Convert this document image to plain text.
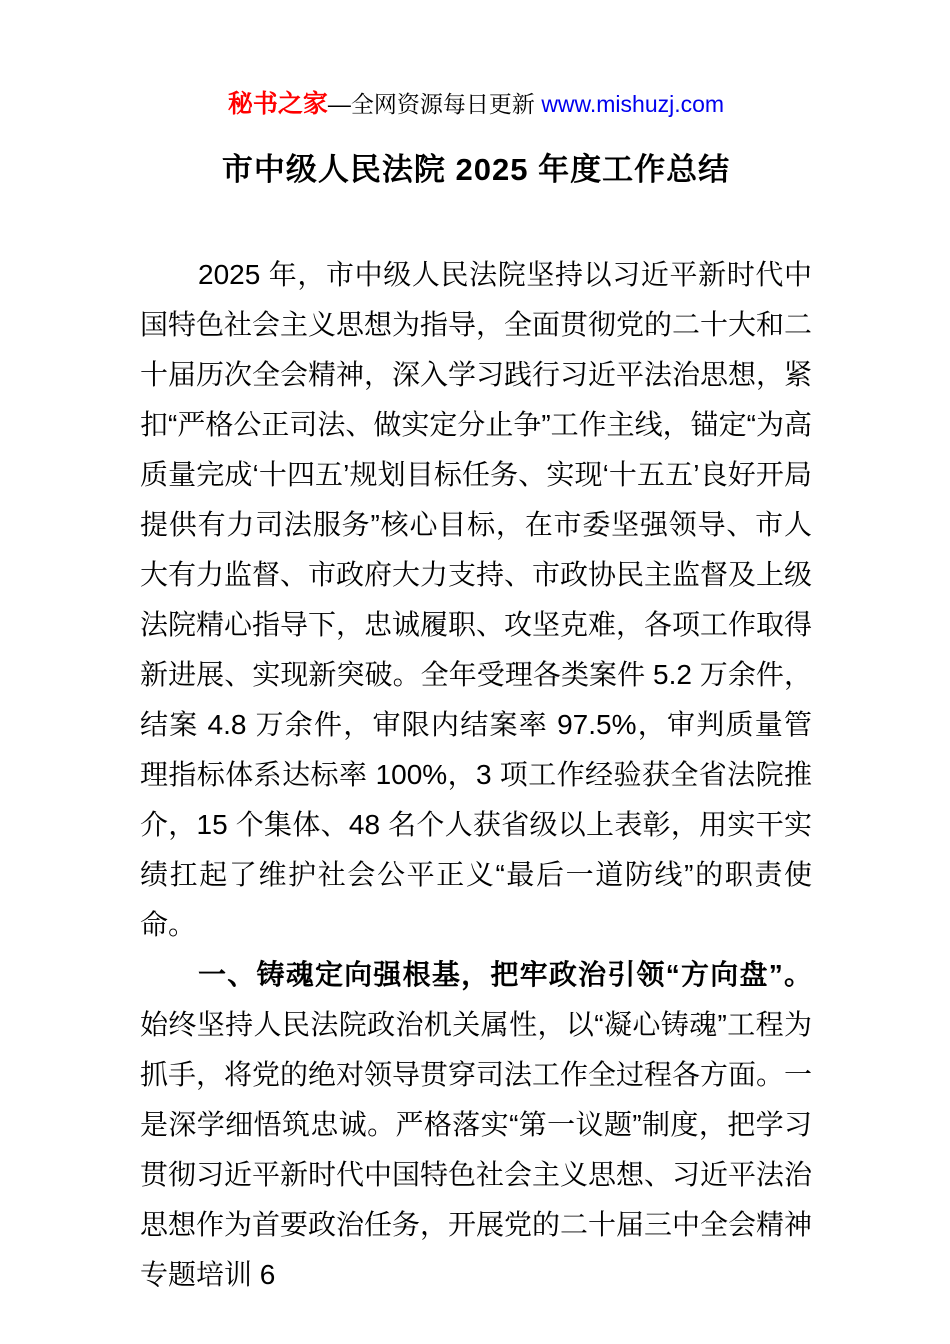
秘书之家—全网资源每日更新 www.mishuzj.com
市中级人民法院 2025 年度工作总结

2025 年，市中级人民法院坚持以习近平新时代中国特色社会主义思想为指导，全面贯彻党的二十大和二十届历次全会精神，深入学习践行习近平法治思想，紧扣“严格公正司法、做实定分止争”工作主线，锚定“为高质量完成‘十四五’规划目标任务、实现‘十五五’良好开局提供有力司法服务”核心目标，在市委坚强领导、市人大有力监督、市政府大力支持、市政协民主监督及上级法院精心指导下，忠诚履职、攻坚克难，各项工作取得新进展、实现新突破。全年受理各类案件 5.2 万余件，结案 4.8 万余件，审限内结案率 97.5%，审判质量管理指标体系达标率 100%，3 项工作经验获全省法院推介，15 个集体、48 名个人获省级以上表彰，用实干实绩扛起了维护社会公平正义“最后一道防线”的职责使命。

一、铸魂定向强根基，把牢政治引领“方向盘”。始终坚持人民法院政治机关属性，以“凝心铸魂”工程为抓手，将党的绝对领导贯穿司法工作全过程各方面。一是深学细悟筑忠诚。严格落实“第一议题”制度，把学习贯彻习近平新时代中国特色社会主义思想、习近平法治思想作为首要政治任务，开展党的二十届三中全会精神专题培训 6
